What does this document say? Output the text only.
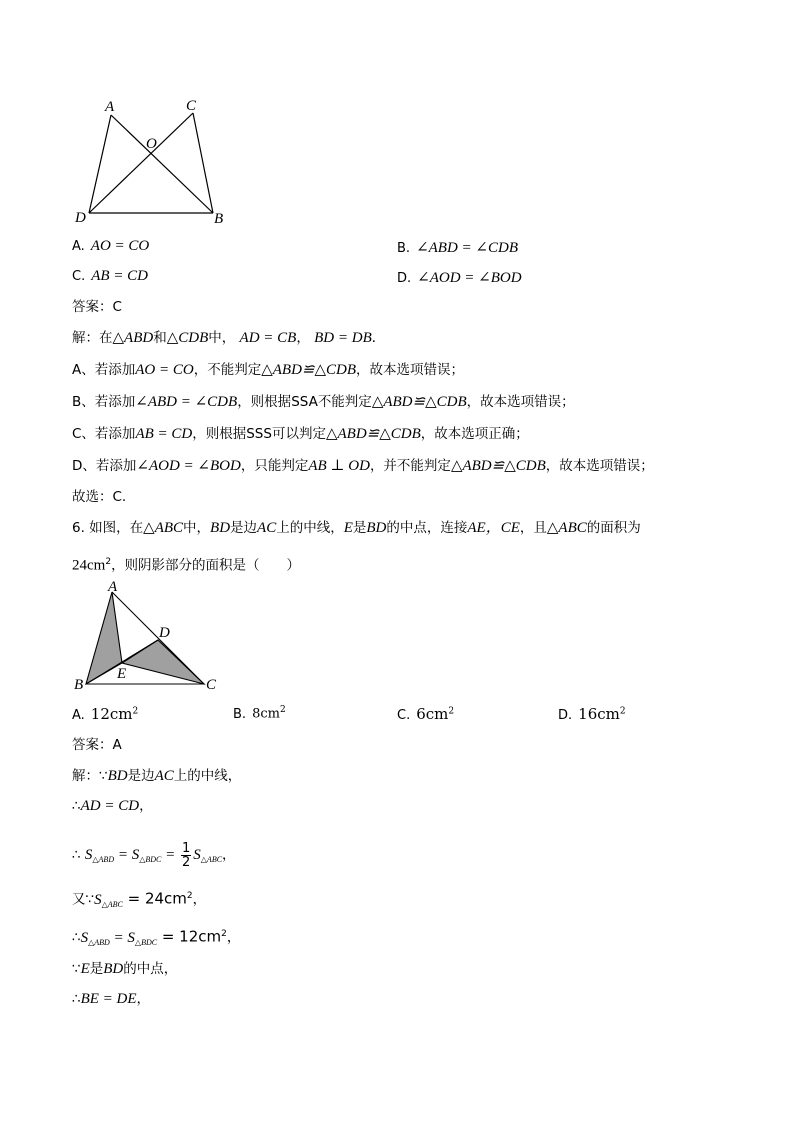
A	C
O
D	B
A. AO = CO	B. ∠ABD = ∠CDB
C. AB = CD	D. ∠AOD = ∠BOD
答案：C
解：在△ABD和△CDB中， AD = CB， BD = DB．
A、若添加AO = CO，不能判定△ABD≌△CDB，故本选项错误；
B、若添加∠ABD = ∠CDB，则根据SSA不能判定△ABD≌△CDB，故本选项错误；
C、若添加AB = CD，则根据SSS可以判定△ABD≌△CDB，故本选项正确；
D、若添加∠AOD = ∠BOD，只能判定AB ⊥ OD，并不能判定△ABD≌△CDB，故本选项错误；
故选：C.
6. 如图，在△ABC中，BD是边AC上的中线，E是BD的中点，连接AE，CE，且△ABC的面积为
$24cm^2$，则阴影部分的面积是（　　）
A
D
E
B	C
A. $12cm^2$	B. $8cm^2$	C. $6cm^2$	D. $16cm^2$
答案：A
解：∵BD是边AC上的中线，
∴AD = CD，
∴ $S_{\triangle ABD} = S_{\triangle BDC} = \frac{1}{2} S_{\triangle ABC}$，
又$\because S_{\triangle ABC} = 24cm^2$，
$\therefore S_{\triangle ABD} = S_{\triangle BDC} = 12cm^2$，
∵E是BD的中点，
∴BE = DE，
